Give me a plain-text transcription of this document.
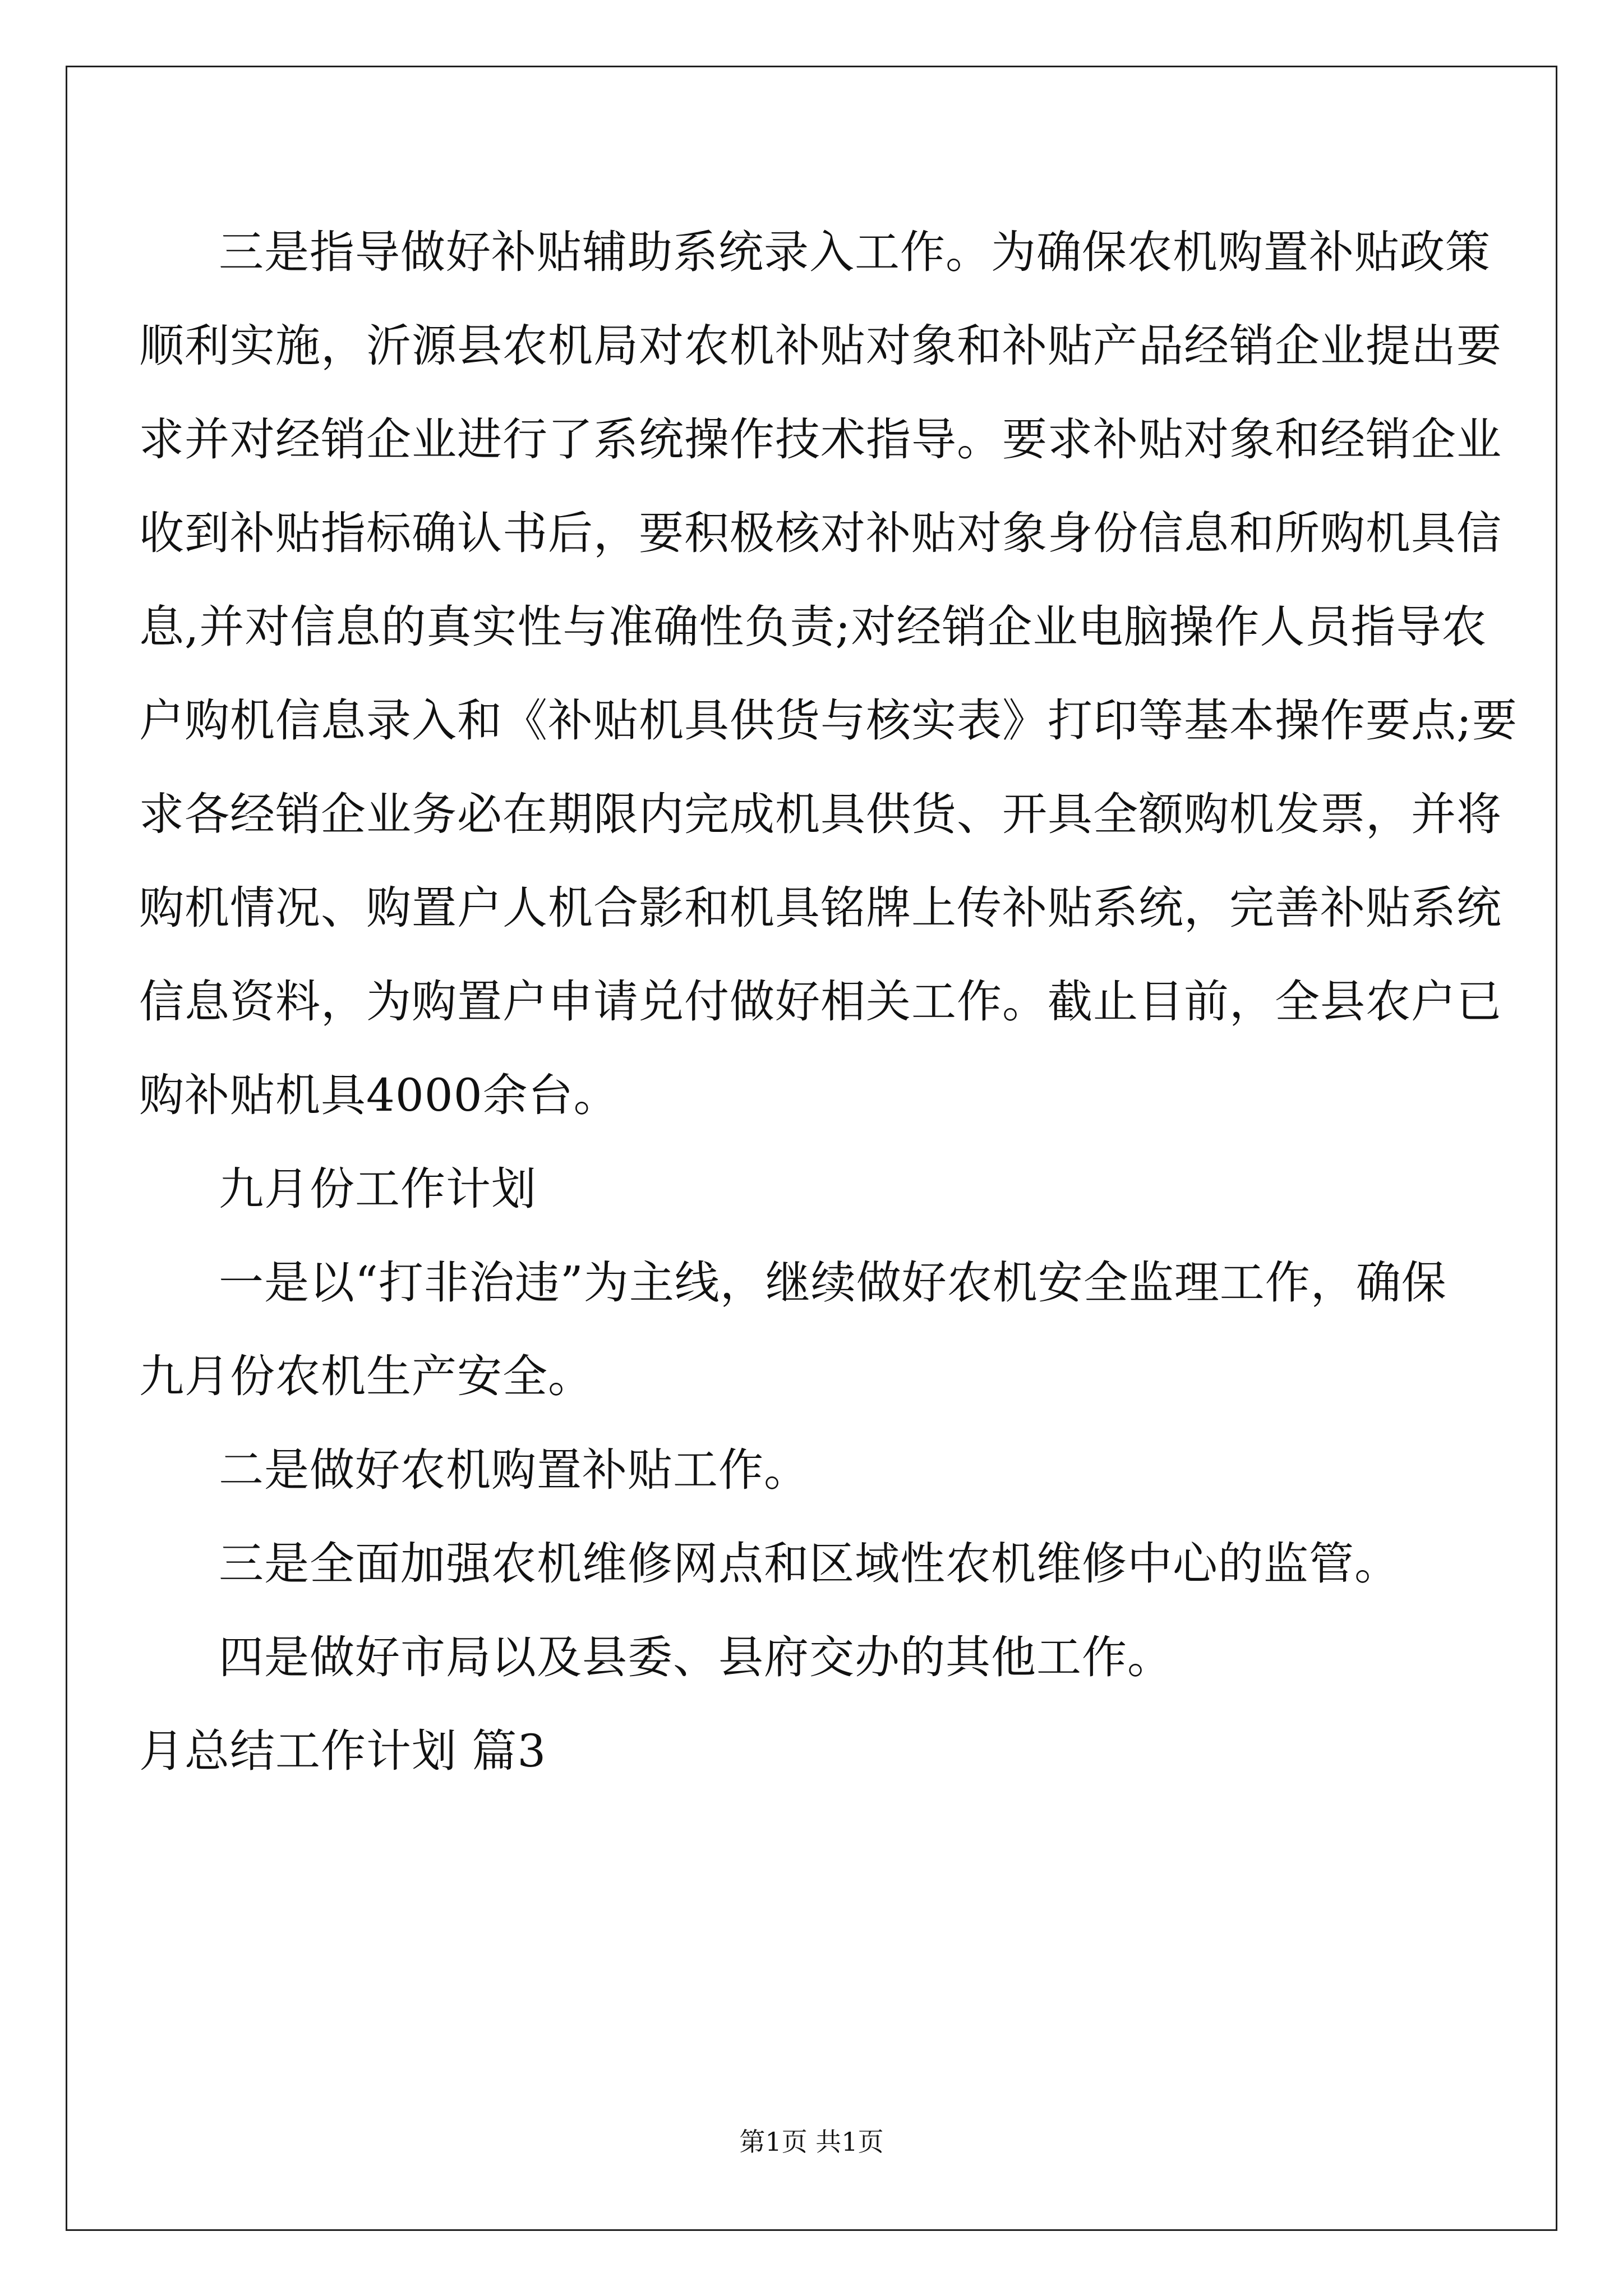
三是指导做好补贴辅助系统录入工作。为确保农机购置补贴政策
顺利实施，沂源县农机局对农机补贴对象和补贴产品经销企业提出要
求并对经销企业进行了系统操作技术指导。要求补贴对象和经销企业
收到补贴指标确认书后，要积极核对补贴对象身份信息和所购机具信
息,并对信息的真实性与准确性负责;对经销企业电脑操作人员指导农
户购机信息录入和《补贴机具供货与核实表》打印等基本操作要点;要
求各经销企业务必在期限内完成机具供货、开具全额购机发票，并将
购机情况、购置户人机合影和机具铭牌上传补贴系统，完善补贴系统
信息资料，为购置户申请兑付做好相关工作。截止目前，全县农户已
购补贴机具4000余台。
九月份工作计划
一是以“打非治违”为主线，继续做好农机安全监理工作，确保
九月份农机生产安全。
二是做好农机购置补贴工作。
三是全面加强农机维修网点和区域性农机维修中心的监管。
四是做好市局以及县委、县府交办的其他工作。
月总结工作计划 篇3
第1页 共1页
